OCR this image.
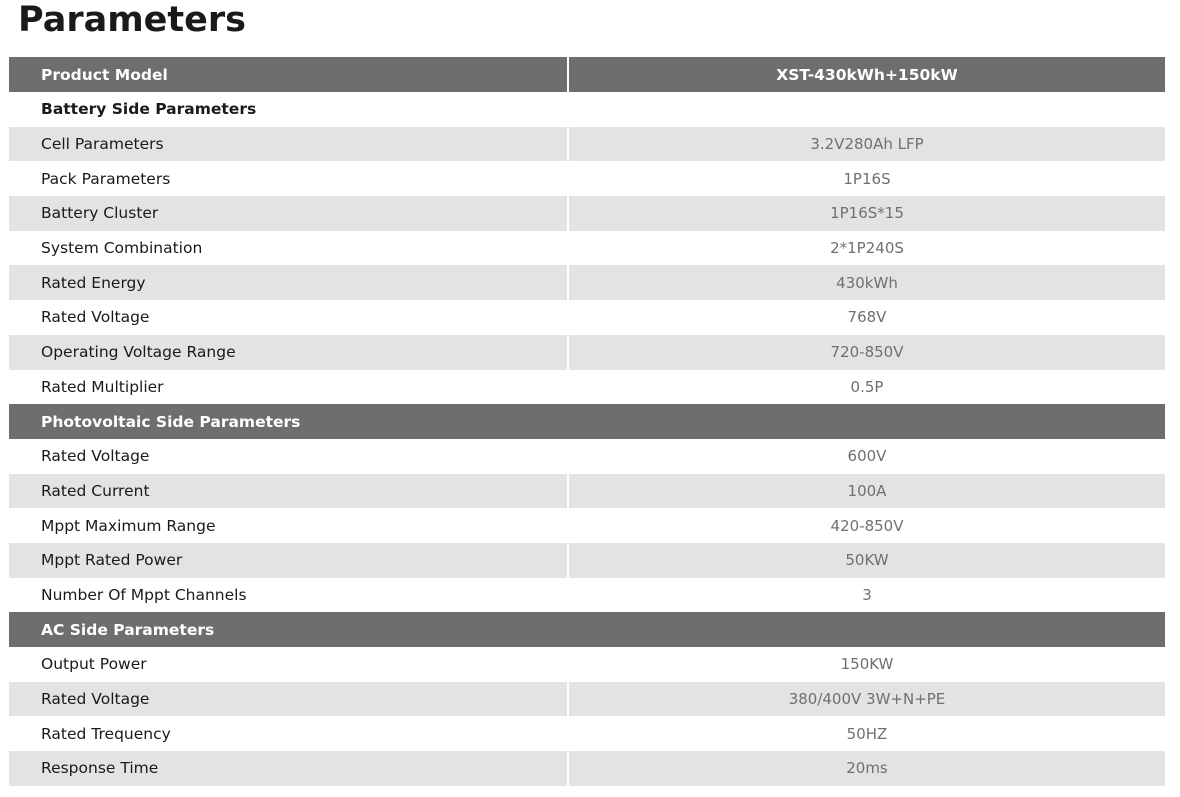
Parameters
Product Model	XST-430kWh+150kW
Battery Side Parameters
Cell Parameters	3.2V280Ah LFP
Pack Parameters	1P16S
Battery Cluster	1P16S*15
System Combination	2*1P240S
Rated Energy	430kWh
Rated Voltage	768V
Operating Voltage Range	720-850V
Rated Multiplier	0.5P
Photovoltaic Side Parameters
Rated Voltage	600V
Rated Current	100A
Mppt Maximum Range	420-850V
Mppt Rated Power	50KW
Number Of Mppt Channels	3
AC Side Parameters
Output Power	150KW
Rated Voltage	380/400V 3W+N+PE
Rated Trequency	50HZ
Response Time	20ms
